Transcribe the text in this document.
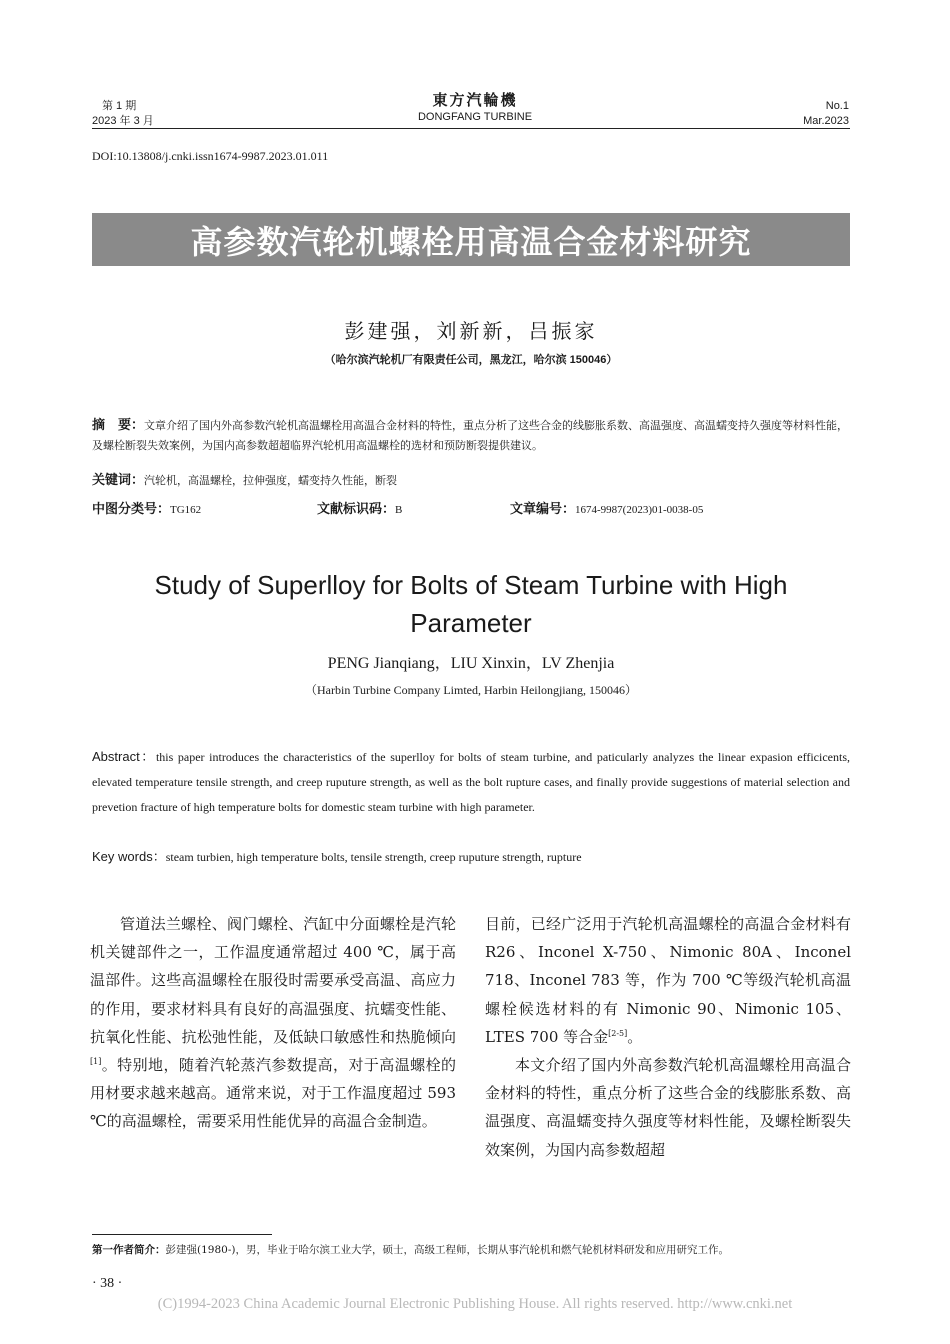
第 1 期
2023 年 3 月
東方汽輪機
DONGFANG TURBINE
No.1
Mar.2023
DOI:10.13808/j.cnki.issn1674-9987.2023.01.011
高参数汽轮机螺栓用高温合金材料研究
彭建强，刘新新，吕振家
（哈尔滨汽轮机厂有限责任公司，黑龙江，哈尔滨 150046）
摘　要：文章介绍了国内外高参数汽轮机高温螺栓用高温合金材料的特性，重点分析了这些合金的线膨胀系数、高温强度、高温蠕变持久强度等材料性能，及螺栓断裂失效案例，为国内高参数超超临界汽轮机用高温螺栓的选材和预防断裂提供建议。
关键词：汽轮机，高温螺栓，拉伸强度，蠕变持久性能，断裂
中图分类号：TG162	文献标识码：B	文章编号：1674-9987(2023)01-0038-05
Study of Superlloy for Bolts of Steam Turbine with High Parameter
PENG Jianqiang，LIU Xinxin，LV Zhenjia
（Harbin Turbine Company Limted, Harbin Heilongjiang, 150046）
Abstract：this paper introduces the characteristics of the superlloy for bolts of steam turbine, and paticularly analyzes the linear expasion efficicents, elevated temperature tensile strength, and creep ruputure strength, as well as the bolt rupture cases, and finally provide suggestions of material selection and prevetion fracture of high temperature bolts for domestic steam turbine with high parameter.
Key words：steam turbien, high temperature bolts, tensile strength, creep ruputure strength, rupture

管道法兰螺栓、阀门螺栓、汽缸中分面螺栓是汽轮机关键部件之一，工作温度通常超过 400 ℃，属于高温部件。这些高温螺栓在服役时需要承受高温、高应力的作用，要求材料具有良好的高温强度、抗蠕变性能、抗氧化性能、抗松弛性能，及低缺口敏感性和热脆倾向[1]。特别地，随着汽轮蒸汽参数提高，对于高温螺栓的用材要求越来越高。通常来说，对于工作温度超过 593 ℃的高温螺栓，需要采用性能优异的高温合金制造。

目前，已经广泛用于汽轮机高温螺栓的高温合金材料有 R26、Inconel X-750、Nimonic 80A、Inconel 718、Inconel 783 等，作为 700 ℃等级汽轮机高温螺栓候选材料的有 Nimonic 90、Nimonic 105、LTES 700 等合金[2-5]。

本文介绍了国内外高参数汽轮机高温螺栓用高温合金材料的特性，重点分析了这些合金的线膨胀系数、高温强度、高温蠕变持久强度等材料性能，及螺栓断裂失效案例，为国内高参数超超

第一作者简介：彭建强(1980-)，男，毕业于哈尔滨工业大学，硕士，高级工程师，长期从事汽轮机和燃气轮机材料研发和应用研究工作。
· 38 ·
(C)1994-2023 China Academic Journal Electronic Publishing House. All rights reserved. http://www.cnki.net
